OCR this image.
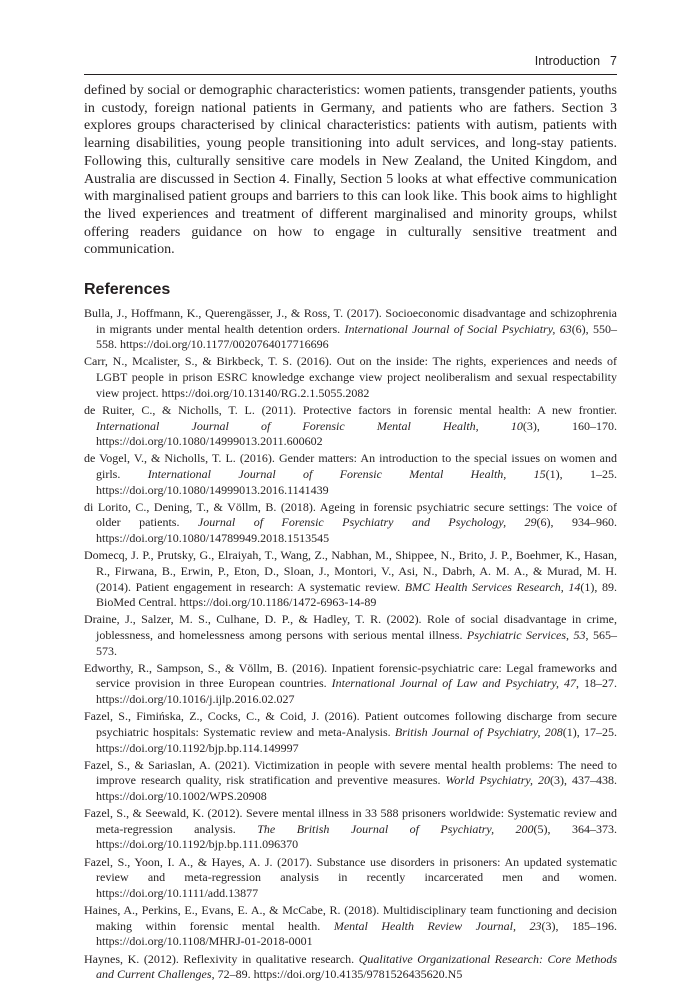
Introduction 7

defined by social or demographic characteristics: women patients, transgender patients, youths in custody, foreign national patients in Germany, and patients who are fathers. Section 3 explores groups characterised by clinical characteristics: patients with autism, patients with learning disabilities, young people transitioning into adult services, and long-stay patients. Following this, culturally sensitive care models in New Zealand, the United Kingdom, and Australia are discussed in Section 4. Finally, Section 5 looks at what effective communication with marginalised patient groups and barriers to this can look like. This book aims to highlight the lived experiences and treatment of different marginalised and minority groups, whilst offering readers guidance on how to engage in culturally sensitive treatment and communication.

References
Bulla, J., Hoffmann, K., Querengässer, J., & Ross, T. (2017). Socioeconomic disadvantage and schizophrenia in migrants under mental health detention orders. International Journal of Social Psychiatry, 63(6), 550–558. https://doi.org/10.1177/0020764017716696
Carr, N., Mcalister, S., & Birkbeck, T. S. (2016). Out on the inside: The rights, experiences and needs of LGBT people in prison ESRC knowledge exchange view project neoliberalism and sexual respectability view project. https://doi.org/10.13140/RG.2.1.5055.2082
de Ruiter, C., & Nicholls, T. L. (2011). Protective factors in forensic mental health: A new frontier. International Journal of Forensic Mental Health, 10(3), 160–170. https://doi.org/10.1080/14999013.2011.600602
de Vogel, V., & Nicholls, T. L. (2016). Gender matters: An introduction to the special issues on women and girls. International Journal of Forensic Mental Health, 15(1), 1–25. https://doi.org/10.1080/14999013.2016.1141439
di Lorito, C., Dening, T., & Völlm, B. (2018). Ageing in forensic psychiatric secure settings: The voice of older patients. Journal of Forensic Psychiatry and Psychology, 29(6), 934–960. https://doi.org/10.1080/14789949.2018.1513545
Domecq, J. P., Prutsky, G., Elraiyah, T., Wang, Z., Nabhan, M., Shippee, N., Brito, J. P., Boehmer, K., Hasan, R., Firwana, B., Erwin, P., Eton, D., Sloan, J., Montori, V., Asi, N., Dabrh, A. M. A., & Murad, M. H. (2014). Patient engagement in research: A systematic review. BMC Health Services Research, 14(1), 89. BioMed Central. https://doi.org/10.1186/1472-6963-14-89
Draine, J., Salzer, M. S., Culhane, D. P., & Hadley, T. R. (2002). Role of social disadvantage in crime, joblessness, and homelessness among persons with serious mental illness. Psychiatric Services, 53, 565–573.
Edworthy, R., Sampson, S., & Völlm, B. (2016). Inpatient forensic-psychiatric care: Legal frameworks and service provision in three European countries. International Journal of Law and Psychiatry, 47, 18–27. https://doi.org/10.1016/j.ijlp.2016.02.027
Fazel, S., Fimińska, Z., Cocks, C., & Coid, J. (2016). Patient outcomes following discharge from secure psychiatric hospitals: Systematic review and meta-Analysis. British Journal of Psychiatry, 208(1), 17–25. https://doi.org/10.1192/bjp.bp.114.149997
Fazel, S., & Sariaslan, A. (2021). Victimization in people with severe mental health problems: The need to improve research quality, risk stratification and preventive measures. World Psychiatry, 20(3), 437–438. https://doi.org/10.1002/WPS.20908
Fazel, S., & Seewald, K. (2012). Severe mental illness in 33 588 prisoners worldwide: Systematic review and meta-regression analysis. The British Journal of Psychiatry, 200(5), 364–373. https://doi.org/10.1192/bjp.bp.111.096370
Fazel, S., Yoon, I. A., & Hayes, A. J. (2017). Substance use disorders in prisoners: An updated systematic review and meta-regression analysis in recently incarcerated men and women. https://doi.org/10.1111/add.13877
Haines, A., Perkins, E., Evans, E. A., & McCabe, R. (2018). Multidisciplinary team functioning and decision making within forensic mental health. Mental Health Review Journal, 23(3), 185–196. https://doi.org/10.1108/MHRJ-01-2018-0001
Haynes, K. (2012). Reflexivity in qualitative research. Qualitative Organizational Research: Core Methods and Current Challenges, 72–89. https://doi.org/10.4135/9781526435620.N5
